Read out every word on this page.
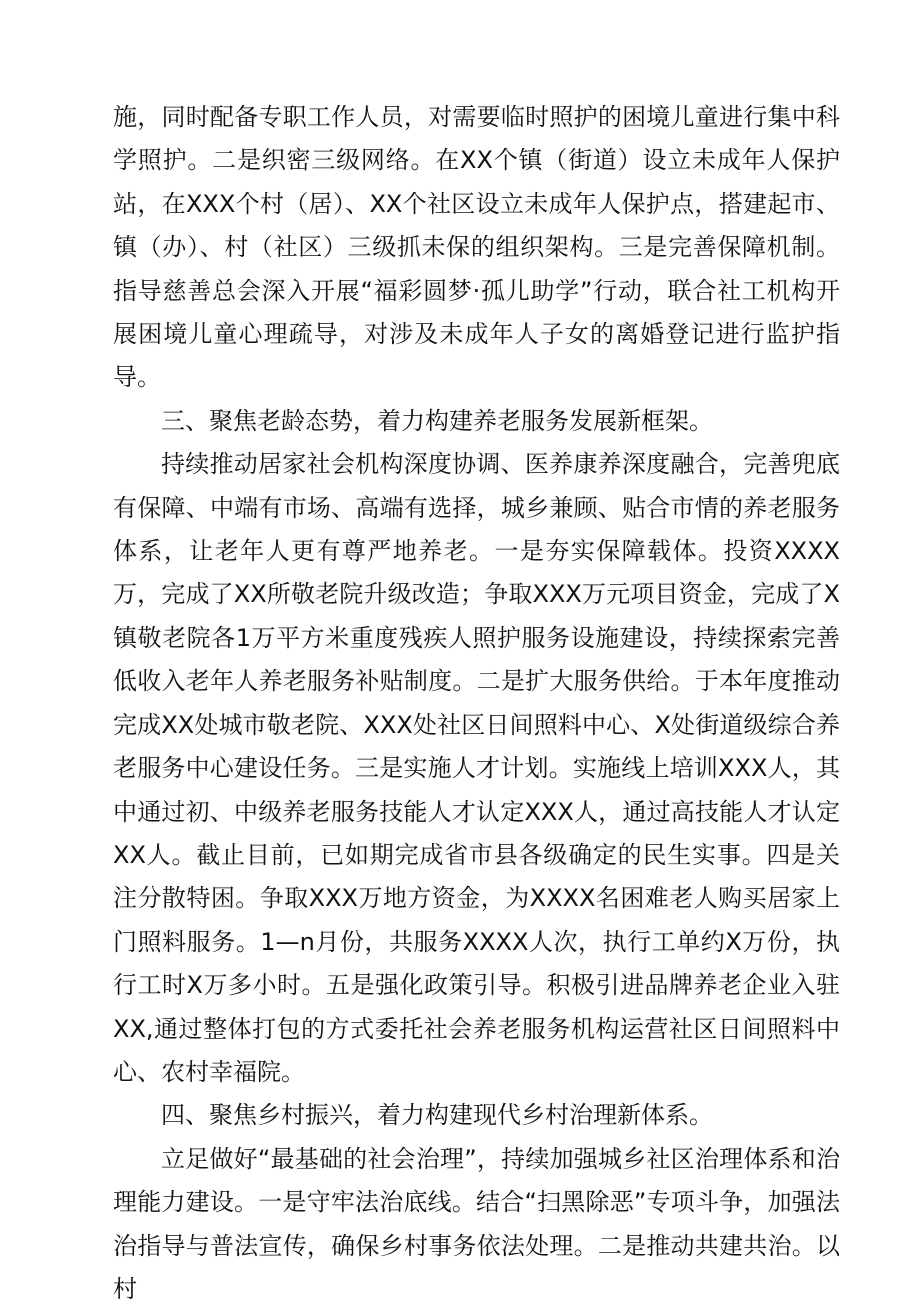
施，同时配备专职工作人员，对需要临时照护的困境儿童进行集中科学照护。二是织密三级网络。在XX个镇（街道）设立未成年人保护站，在XXX个村（居）、XX个社区设立未成年人保护点，搭建起市、镇（办）、村（社区）三级抓未保的组织架构。三是完善保障机制。指导慈善总会深入开展“福彩圆梦·孤儿助学”行动，联合社工机构开展困境儿童心理疏导，对涉及未成年人子女的离婚登记进行监护指导。

三、聚焦老龄态势，着力构建养老服务发展新框架。

持续推动居家社会机构深度协调、医养康养深度融合，完善兜底有保障、中端有市场、高端有选择，城乡兼顾、贴合市情的养老服务体系，让老年人更有尊严地养老。一是夯实保障载体。投资XXXX万，完成了XX所敬老院升级改造；争取XXX万元项目资金，完成了X镇敬老院各1万平方米重度残疾人照护服务设施建设，持续探索完善低收入老年人养老服务补贴制度。二是扩大服务供给。于本年度推动完成XX处城市敬老院、XXX处社区日间照料中心、X处街道级综合养老服务中心建设任务。三是实施人才计划。实施线上培训XXX人，其中通过初、中级养老服务技能人才认定XXX人，通过高技能人才认定XX人。截止目前，已如期完成省市县各级确定的民生实事。四是关注分散特困。争取XXX万地方资金，为XXXX名困难老人购买居家上门照料服务。1—n月份，共服务XXXX人次，执行工单约X万份，执行工时X万多小时。五是强化政策引导。积极引进品牌养老企业入驻XX,通过整体打包的方式委托社会养老服务机构运营社区日间照料中心、农村幸福院。

四、聚焦乡村振兴，着力构建现代乡村治理新体系。

立足做好“最基础的社会治理”，持续加强城乡社区治理体系和治理能力建设。一是守牢法治底线。结合“扫黑除恶”专项斗争，加强法治指导与普法宣传，确保乡村事务依法处理。二是推动共建共治。以村
